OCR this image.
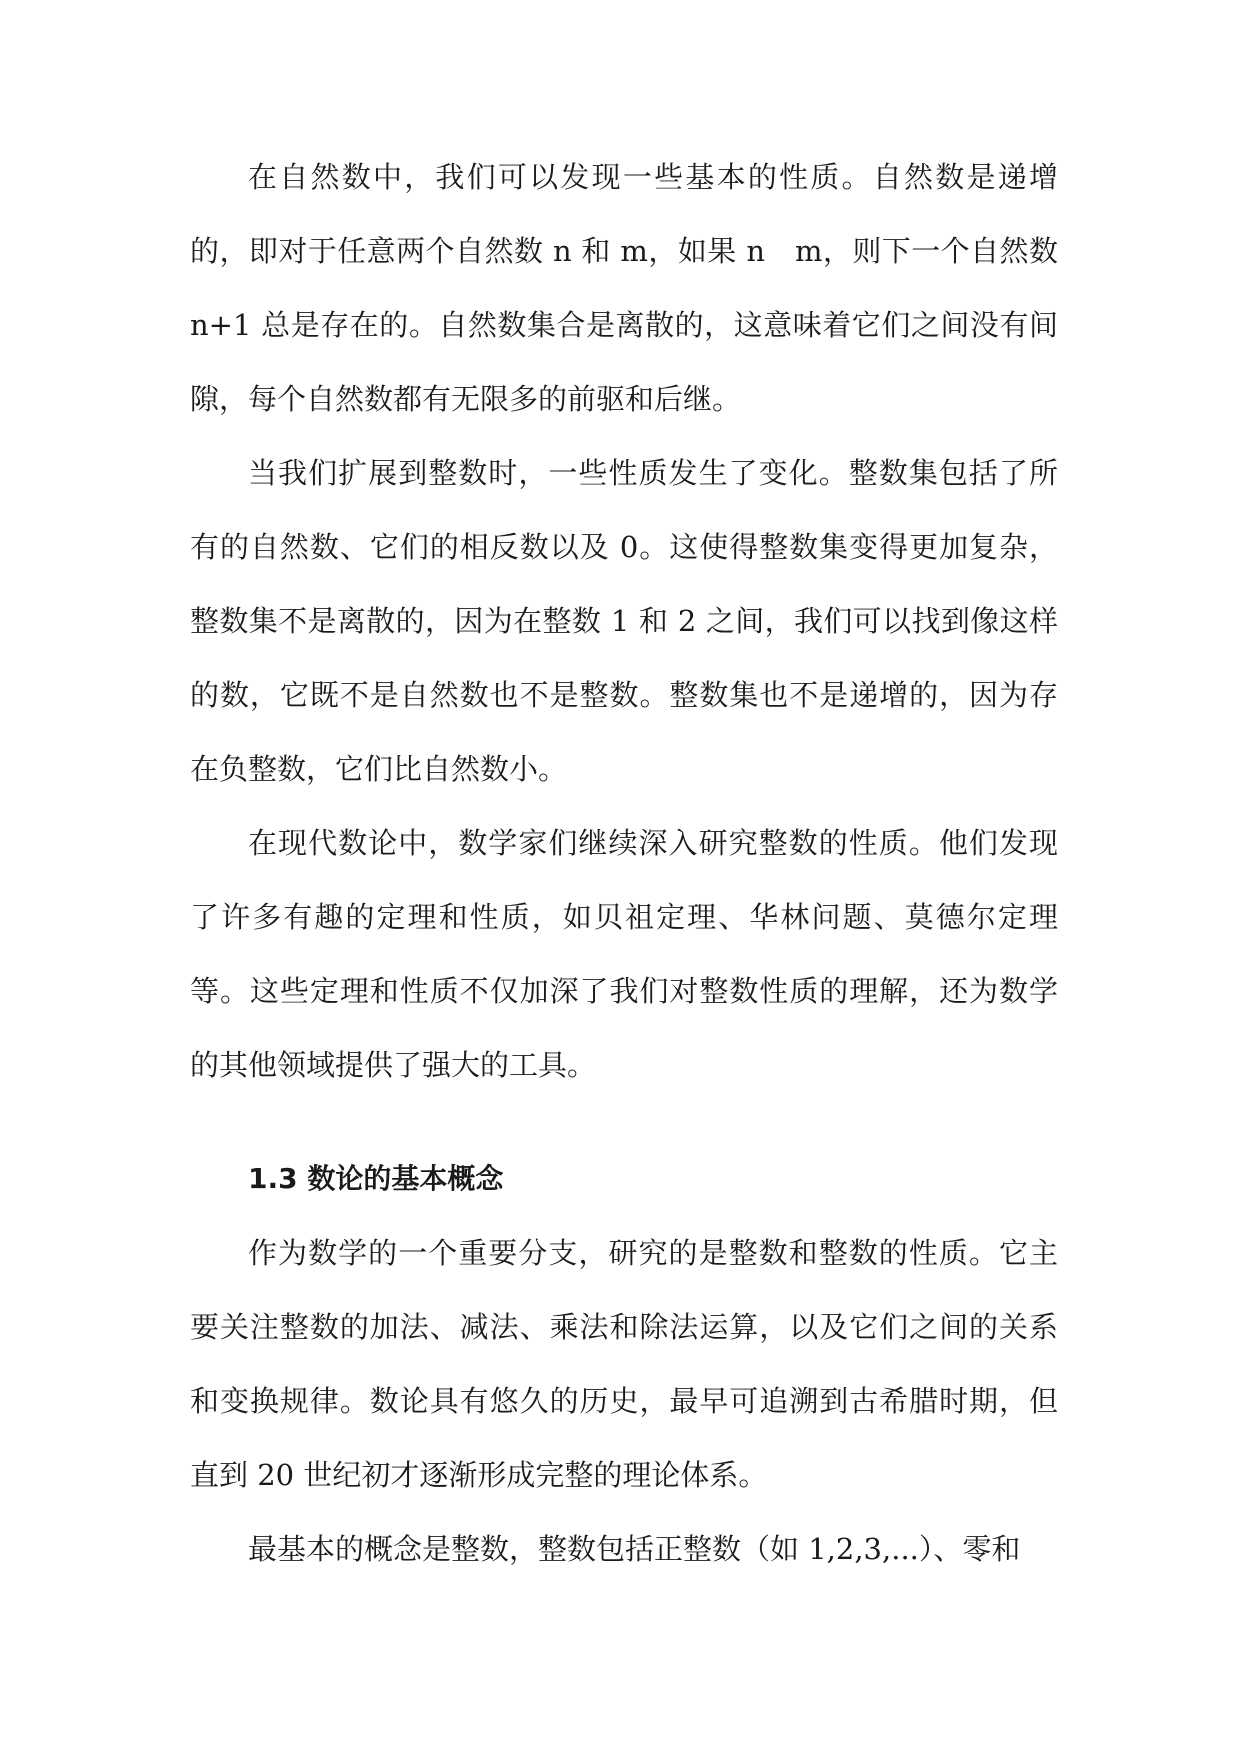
在自然数中，我们可以发现一些基本的性质。自然数是递增的，即对于任意两个自然数 n 和 m，如果 n　m，则下一个自然数 n+1 总是存在的。自然数集合是离散的，这意味着它们之间没有间隙，每个自然数都有无限多的前驱和后继。

当我们扩展到整数时，一些性质发生了变化。整数集包括了所有的自然数、它们的相反数以及 0。这使得整数集变得更加复杂，整数集不是离散的，因为在整数 1 和 2 之间，我们可以找到像这样的数，它既不是自然数也不是整数。整数集也不是递增的，因为存在负整数，它们比自然数小。

在现代数论中，数学家们继续深入研究整数的性质。他们发现了许多有趣的定理和性质，如贝祖定理、华林问题、莫德尔定理等。这些定理和性质不仅加深了我们对整数性质的理解，还为数学的其他领域提供了强大的工具。

1.3 数论的基本概念

作为数学的一个重要分支，研究的是整数和整数的性质。它主要关注整数的加法、减法、乘法和除法运算，以及它们之间的关系和变换规律。数论具有悠久的历史，最早可追溯到古希腊时期，但直到 20 世纪初才逐渐形成完整的理论体系。

最基本的概念是整数，整数包括正整数（如 1,2,3,...）、零和
